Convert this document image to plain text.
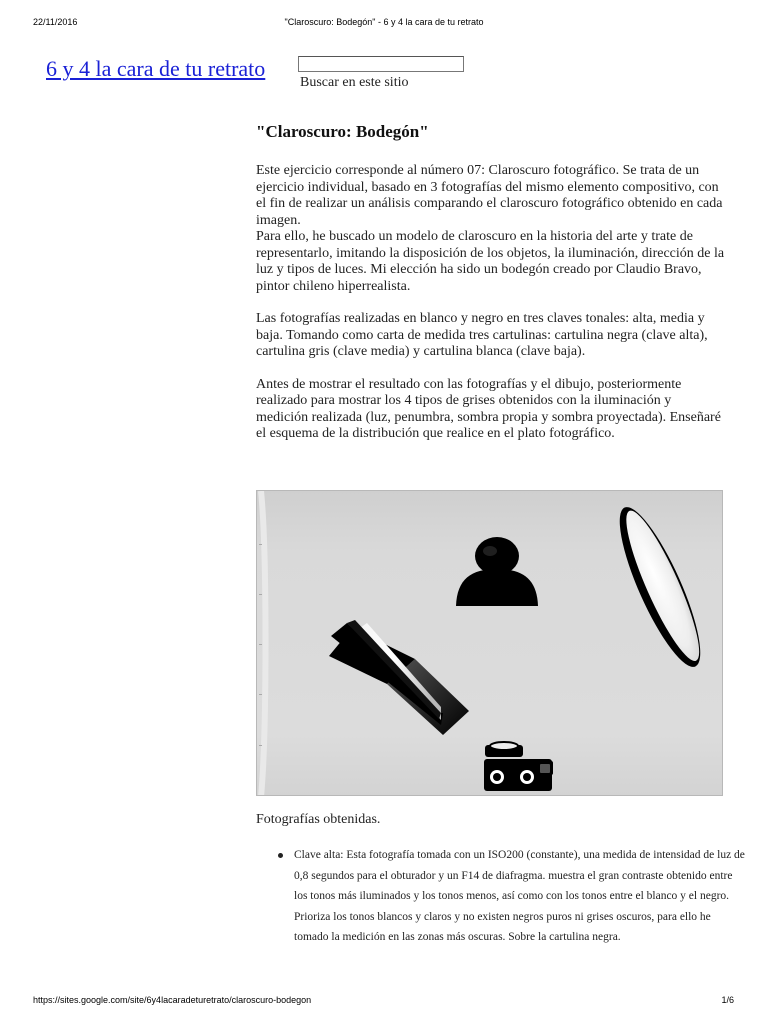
22/11/2016	"Claroscuro: Bodegón" - 6 y 4 la cara de tu retrato
6 y 4 la cara de tu retrato
Buscar en este sitio
"Claroscuro: Bodegón"

Este ejercicio corresponde al número 07: Claroscuro fotográfico. Se trata de un ejercicio individual, basado en 3 fotografías del mismo elemento compositivo, con el fin de realizar un análisis comparando el claroscuro fotográfico obtenido en cada imagen.

Para ello, he buscado un modelo de claroscuro en la historia del arte y trate de representarlo, imitando la disposición de los objetos, la iluminación, dirección de la luz y tipos de luces. Mi elección ha sido un bodegón creado por Claudio Bravo, pintor chileno hiperrealista.

Las fotografías realizadas en blanco y negro en tres claves tonales: alta, media y baja. Tomando como carta de medida tres cartulinas: cartulina negra (clave alta), cartulina gris (clave media) y cartulina blanca (clave baja).

Antes de mostrar el resultado con las fotografías y el dibujo, posteriormente realizado para mostrar los 4 tipos de grises obtenidos con la iluminación y medición realizada (luz, penumbra, sombra propia y sombra proyectada). Enseñaré el esquema de la distribución que realice en el plato fotográfico.

Fotografías obtenidas.
Clave alta: Esta fotografía tomada con un ISO200 (constante), una medida de intensidad de luz de 0,8 segundos para el obturador y un F14 de diafragma. muestra el gran contraste obtenido entre los tonos más iluminados y los tonos menos, así como con los tonos entre el blanco y el negro. Prioriza los tonos blancos y claros y no existen negros puros ni grises oscuros, para ello he tomado la medición en las zonas más oscuras. Sobre la cartulina negra.
https://sites.google.com/site/6y4lacaradeturetrato/claroscuro-bodegon	1/6
